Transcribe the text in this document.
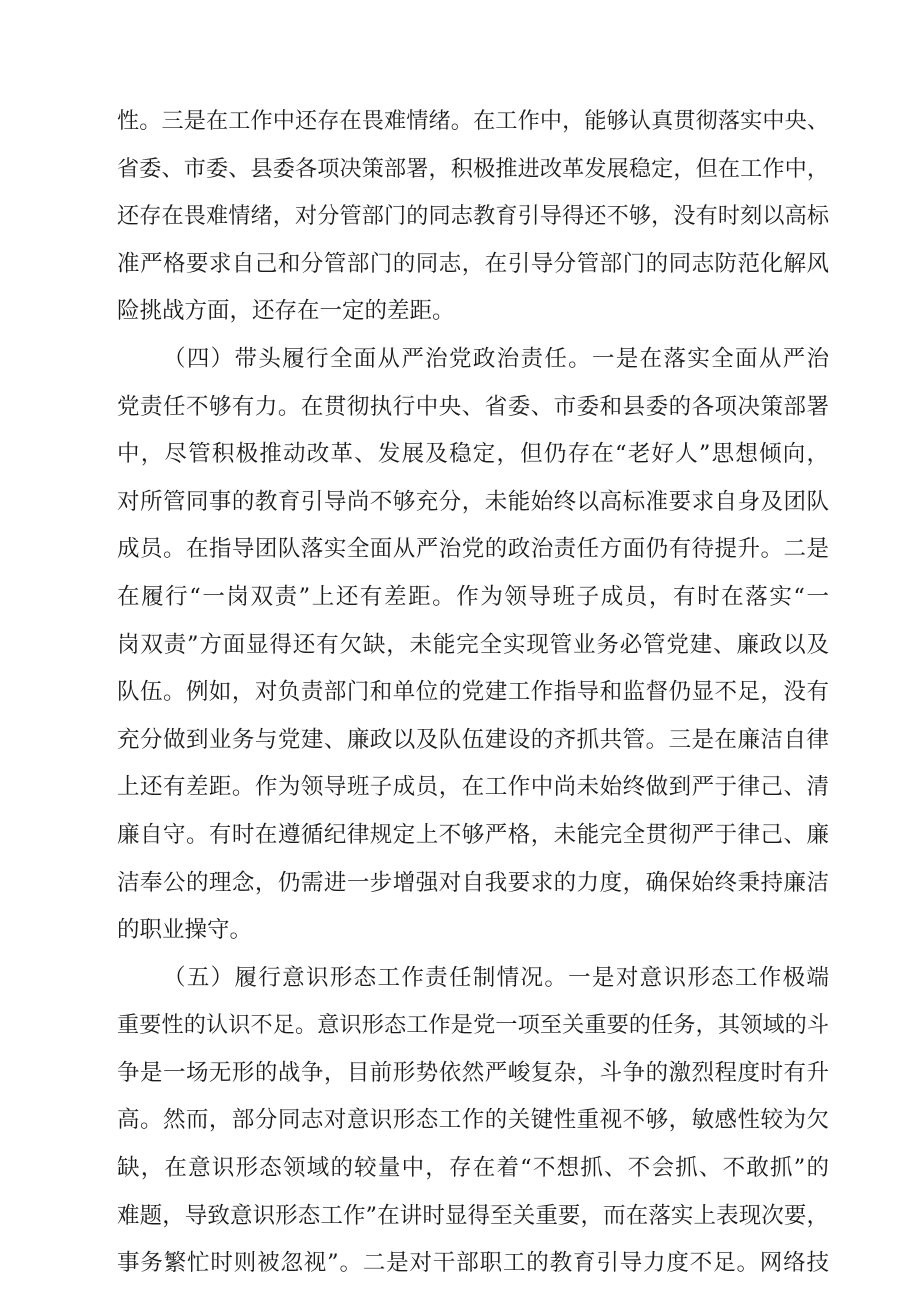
性。三是在工作中还存在畏难情绪。在工作中，能够认真贯彻落实中央、
省委、市委、县委各项决策部署，积极推进改革发展稳定，但在工作中，
还存在畏难情绪，对分管部门的同志教育引导得还不够，没有时刻以高标
准严格要求自己和分管部门的同志，在引导分管部门的同志防范化解风
险挑战方面，还存在一定的差距。
（四）带头履行全面从严治党政治责任。一是在落实全面从严治
党责任不够有力。在贯彻执行中央、省委、市委和县委的各项决策部署
中，尽管积极推动改革、发展及稳定，但仍存在“老好人”思想倾向，
对所管同事的教育引导尚不够充分，未能始终以高标准要求自身及团队
成员。在指导团队落实全面从严治党的政治责任方面仍有待提升。二是
在履行“一岗双责”上还有差距。作为领导班子成员，有时在落实“一
岗双责”方面显得还有欠缺，未能完全实现管业务必管党建、廉政以及
队伍。例如，对负责部门和单位的党建工作指导和监督仍显不足，没有
充分做到业务与党建、廉政以及队伍建设的齐抓共管。三是在廉洁自律
上还有差距。作为领导班子成员，在工作中尚未始终做到严于律己、清
廉自守。有时在遵循纪律规定上不够严格，未能完全贯彻严于律己、廉
洁奉公的理念，仍需进一步增强对自我要求的力度，确保始终秉持廉洁
的职业操守。
（五）履行意识形态工作责任制情况。一是对意识形态工作极端
重要性的认识不足。意识形态工作是党一项至关重要的任务，其领域的斗
争是一场无形的战争，目前形势依然严峻复杂，斗争的激烈程度时有升
高。然而，部分同志对意识形态工作的关键性重视不够，敏感性较为欠
缺，在意识形态领域的较量中，存在着“不想抓、不会抓、不敢抓”的
难题，导致意识形态工作”在讲时显得至关重要，而在落实上表现次要，
事务繁忙时则被忽视”。二是对干部职工的教育引导力度不足。网络技
